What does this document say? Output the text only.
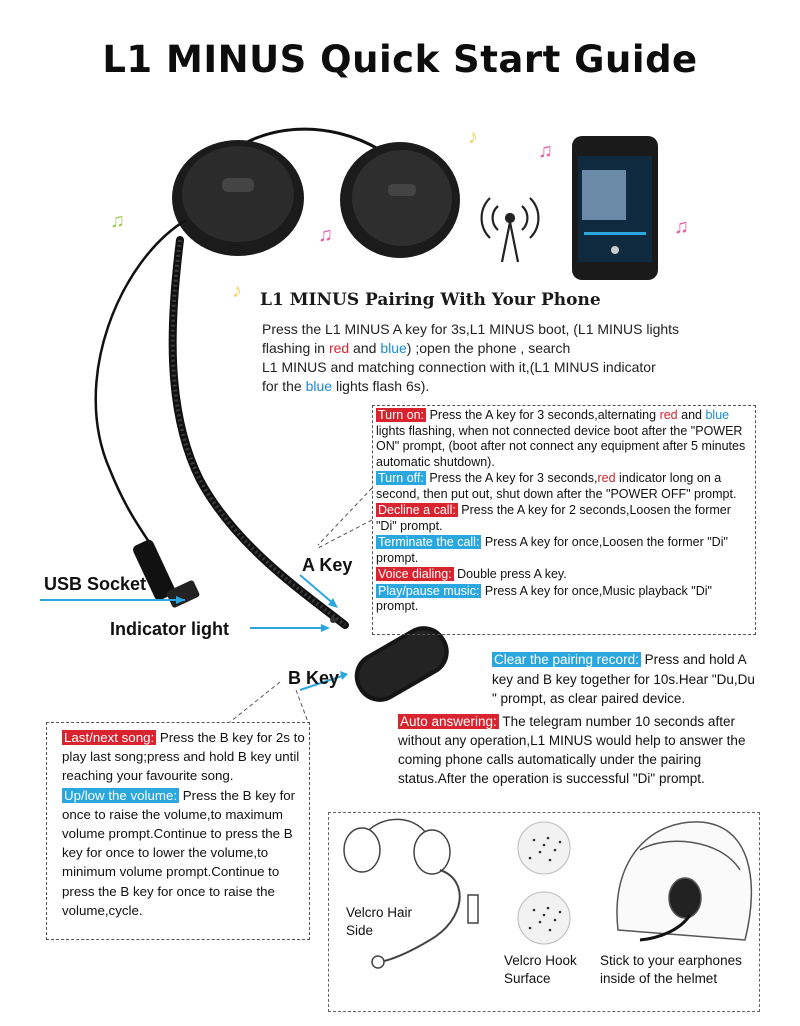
L1 MINUS Quick Start Guide
♫
♫
♪
♫
♫
♪ L1 MINUS Pairing With Your Phone
Press the L1 MINUS A key for 3s,L1 MINUS boot, (L1 MINUS lights
flashing in red and blue) ;open the phone , search
L1 MINUS and matching connection with it,(L1 MINUS indicator
for the blue lights flash 6s).
USB Socket
Indicator light
A Key
B Key

Turn on: Press the A key for 3 seconds,alternating red and blue lights flashing, when not connected device boot after the "POWER ON" prompt, (boot after not connect any equipment after 5 minutes automatic shutdown).

Turn off: Press the A key for 3 seconds,red indicator long on a second, then put out, shut down after the "POWER OFF" prompt.

Decline a call: Press the A key for 2 seconds,Loosen the former "Di" prompt.

Terminate the call: Press A key for once,Loosen the former "Di" prompt.

Voice dialing: Double press A key.

Play/pause music: Press A key for once,Music playback "Di" prompt.

Clear the pairing record: Press and hold A key and B key together for 10s.Hear "Du,Du " prompt, as clear paired device.
Auto answering: The telegram number 10 seconds after without any operation,L1 MINUS would help to answer the coming phone calls automatically under the pairing status.After the operation is successful "Di" prompt.

Last/next song: Press the B key for 2s to play last song;press and hold B key until reaching your favourite song.

Up/low the volume: Press the B key for once to raise the volume,to maximum volume prompt.Continue to press the B key for once to lower the volume,to minimum volume prompt.Continue to press the B key for once to raise the volume,cycle.	Velcro Hair
Side
Velcro Hook
Surface
Stick to your earphones
inside of the helmet
